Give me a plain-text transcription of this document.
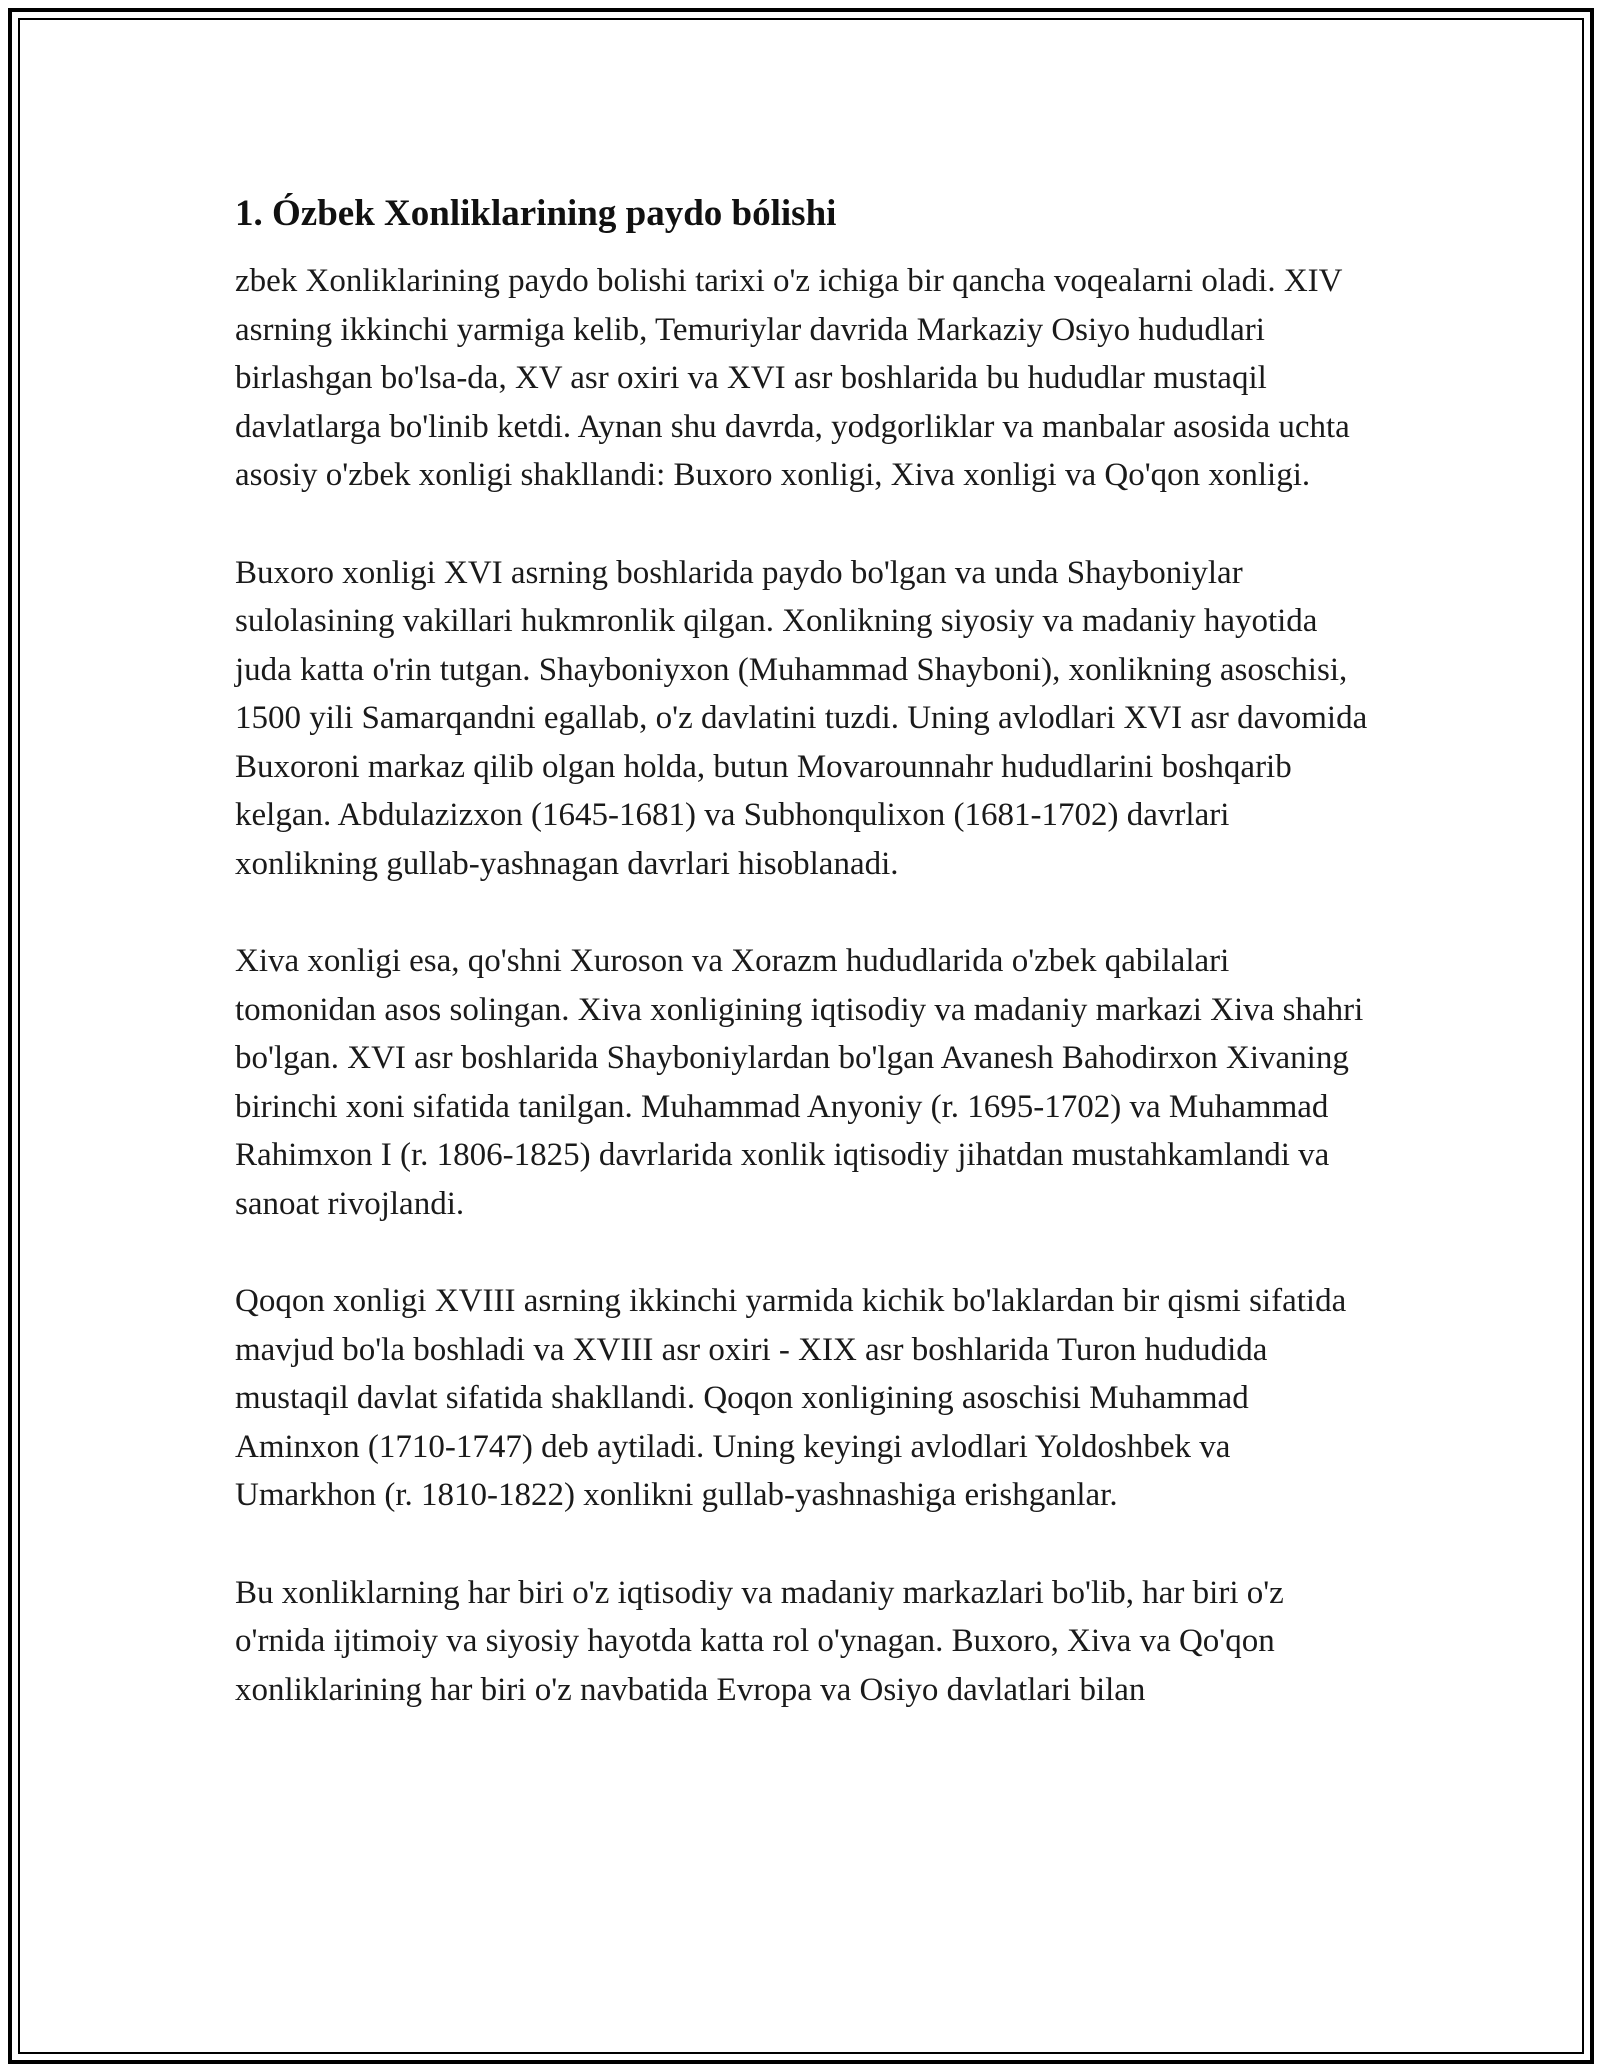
1. Ózbek Xonliklarining paydo bólishi

zbek Xonliklarining paydo bolishi tarixi o'z ichiga bir qancha voqealarni oladi. XIV asrning ikkinchi yarmiga kelib, Temuriylar davrida Markaziy Osiyo hududlari birlashgan bo'lsa-da, XV asr oxiri va XVI asr boshlarida bu hududlar mustaqil davlatlarga bo'linib ketdi. Aynan shu davrda, yodgorliklar va manbalar asosida uchta asosiy o'zbek xonligi shakllandi: Buxoro xonligi, Xiva xonligi va Qo'qon xonligi.

Buxoro xonligi XVI asrning boshlarida paydo bo'lgan va unda Shayboniylar sulolasining vakillari hukmronlik qilgan. Xonlikning siyosiy va madaniy hayotida juda katta o'rin tutgan. Shayboniyxon (Muhammad Shayboni), xonlikning asoschisi, 1500 yili Samarqandni egallab, o'z davlatini tuzdi. Uning avlodlari XVI asr davomida Buxoroni markaz qilib olgan holda, butun Movarounnahr hududlarini boshqarib kelgan. Abdulazizxon (1645-1681) va Subhonqulixon (1681-1702) davrlari xonlikning gullab-yashnagan davrlari hisoblanadi.

Xiva xonligi esa, qo'shni Xuroson va Xorazm hududlarida o'zbek qabilalari tomonidan asos solingan. Xiva xonligining iqtisodiy va madaniy markazi Xiva shahri bo'lgan. XVI asr boshlarida Shayboniylardan bo'lgan Avanesh Bahodirxon Xivaning birinchi xoni sifatida tanilgan. Muhammad Anyoniy (r. 1695-1702) va Muhammad Rahimxon I (r. 1806-1825) davrlarida xonlik iqtisodiy jihatdan mustahkamlandi va sanoat rivojlandi.

Qoqon xonligi XVIII asrning ikkinchi yarmida kichik bo'laklardan bir qismi sifatida mavjud bo'la boshladi va XVIII asr oxiri - XIX asr boshlarida Turon hududida mustaqil davlat sifatida shakllandi. Qoqon xonligining asoschisi Muhammad Aminxon (1710-1747) deb aytiladi. Uning keyingi avlodlari Yoldoshbek va Umarkhon (r. 1810-1822) xonlikni gullab-yashnashiga erishganlar.

Bu xonliklarning har biri o'z iqtisodiy va madaniy markazlari bo'lib, har biri o'z o'rnida ijtimoiy va siyosiy hayotda katta rol o'ynagan. Buxoro, Xiva va Qo'qon xonliklarining har biri o'z navbatida Evropa va Osiyo davlatlari bilan
